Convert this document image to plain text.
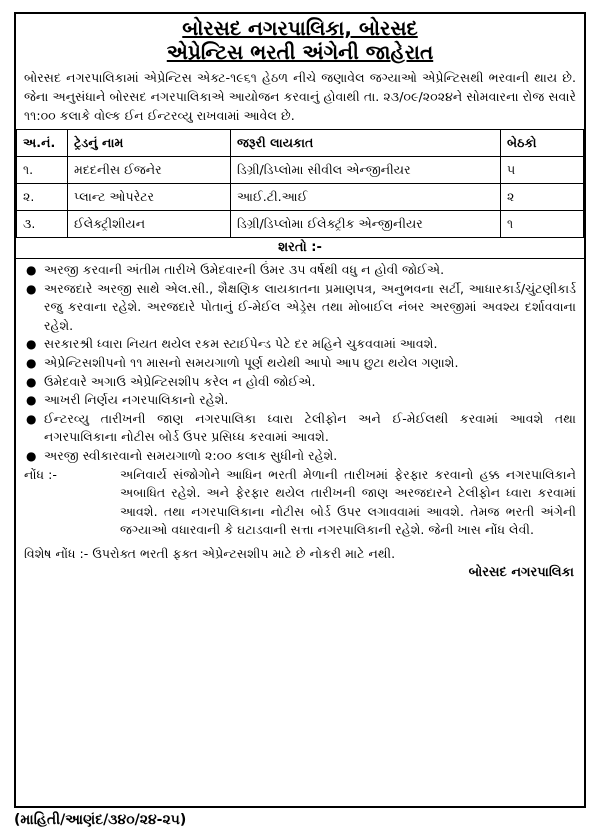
બોરસદ નગરપાલિકા, બોરસદ
એપ્રેન્ટિસ ભરતી અંગેની જાહેરાત
બોરસદ નગરપાલિકામાં એપ્રેન્ટિસ એક્ટ-૧૯૬૧ હેઠળ નીચે જણાવેલ જગ્યાઓ એપ્રેન્ટિસથી ભરવાની થાય છે. જેના અનુસંધાને બોરસદ નગરપાલિકાએ આયોજન કરવાનું હોવાથી તા. ૨૩/૦૯/૨૦૨૪ને સોમવારના રોજ સવારે ૧૧:૦૦ કલાકે વોલ્ક ઈન ઈન્ટરવ્યુ રાખવામાં આવેલ છે.
અ.નં.	ટ્રેડનું નામ	જરૂરી લાયકાત	બેઠકો
૧.	મદદનીસ ઈજનેર	ડિગ્રી/ડિપ્લોમા સીવીલ એન્જીનીયર	૫
૨.	પ્લાન્ટ ઓપરેટર	આઈ.ટી.આઈ	૨
૩.	ઈલેક્ટ્રીશીયન	ડિગ્રી/ડિપ્લોમા ઈલેક્ટ્રીક એન્જીનીયર	૧
શરતો :-
● અરજી કરવાની અંતીમ તારીખે ઉમેદવારની ઉંમર ૩૫ વર્ષથી વધુ ન હોવી જોઈએ.
● અરજદારે અરજી સાથે એલ.સી., શૈક્ષણિક લાયકાતના પ્રમાણપત્ર, અનુભવના સર્ટી, આધારકાર્ડ/ચુંટણીકાર્ડ રજુ કરવાના રહેશે. અરજદારે પોતાનું ઈ-મેઈલ એડ્રેસ તથા મોબાઈલ નંબર અરજીમાં અવશ્ય દર્શાવવાના રહેશે.
● સરકારશ્રી ધ્વારા નિયત થયેલ રકમ સ્ટાઈપેન્ડ પેટે દર મહિને ચુકવવામાં આવશે.
● એપ્રેન્ટિસશીપનો ૧૧ માસનો સમયગાળો પૂર્ણ થયેથી આપો આપ છુટા થયેલ ગણાશે.
● ઉમેદવારે અગાઉ એપ્રેન્ટિસશીપ કરેલ ન હોવી જોઈએ.
● આખરી નિર્ણય નગરપાલિકાનો રહેશે.
● ઈન્ટરવ્યુ તારીખની જાણ નગરપાલિકા ધ્વારા ટેલીફોન અને ઈ-મેઈલથી કરવામાં આવશે તથા નગરપાલિકાના નોટીસ બોર્ડ ઉપર પ્રસિધ્ધ કરવામાં આવશે.
● અરજી સ્વીકારવાનો સમયગાળો ૨:૦૦ કલાક સુધીનો રહેશે.
નોંધ :-	અનિવાર્ય સંજોગોને આધિન ભરતી મેળાની તારીખમાં ફેરફાર કરવાનો હક્ક નગરપાલિકાને અબાધિત રહેશે. અને ફેરફાર થયેલ તારીખની જાણ અરજદારને ટેલીફોન ધ્વારા કરવામાં આવશે. તથા નગરપાલિકાના નોટીસ બોર્ડ ઉપર લગાવવામાં આવશે. તેમજ ભરતી અંગેની જગ્યાઓ વધારવાની કે ઘટાડવાની સત્તા નગરપાલિકાની રહેશે. જેની ખાસ નોંધ લેવી.
વિશેષ નોંધ :- ઉપરોક્ત ભરતી ફક્ત એપ્રેન્ટસશીપ માટે છે નોકરી માટે નથી.
બોરસદ નગરપાલિકા
(માહિતી/આણંદ/૩૪૦/૨૪-૨૫)
